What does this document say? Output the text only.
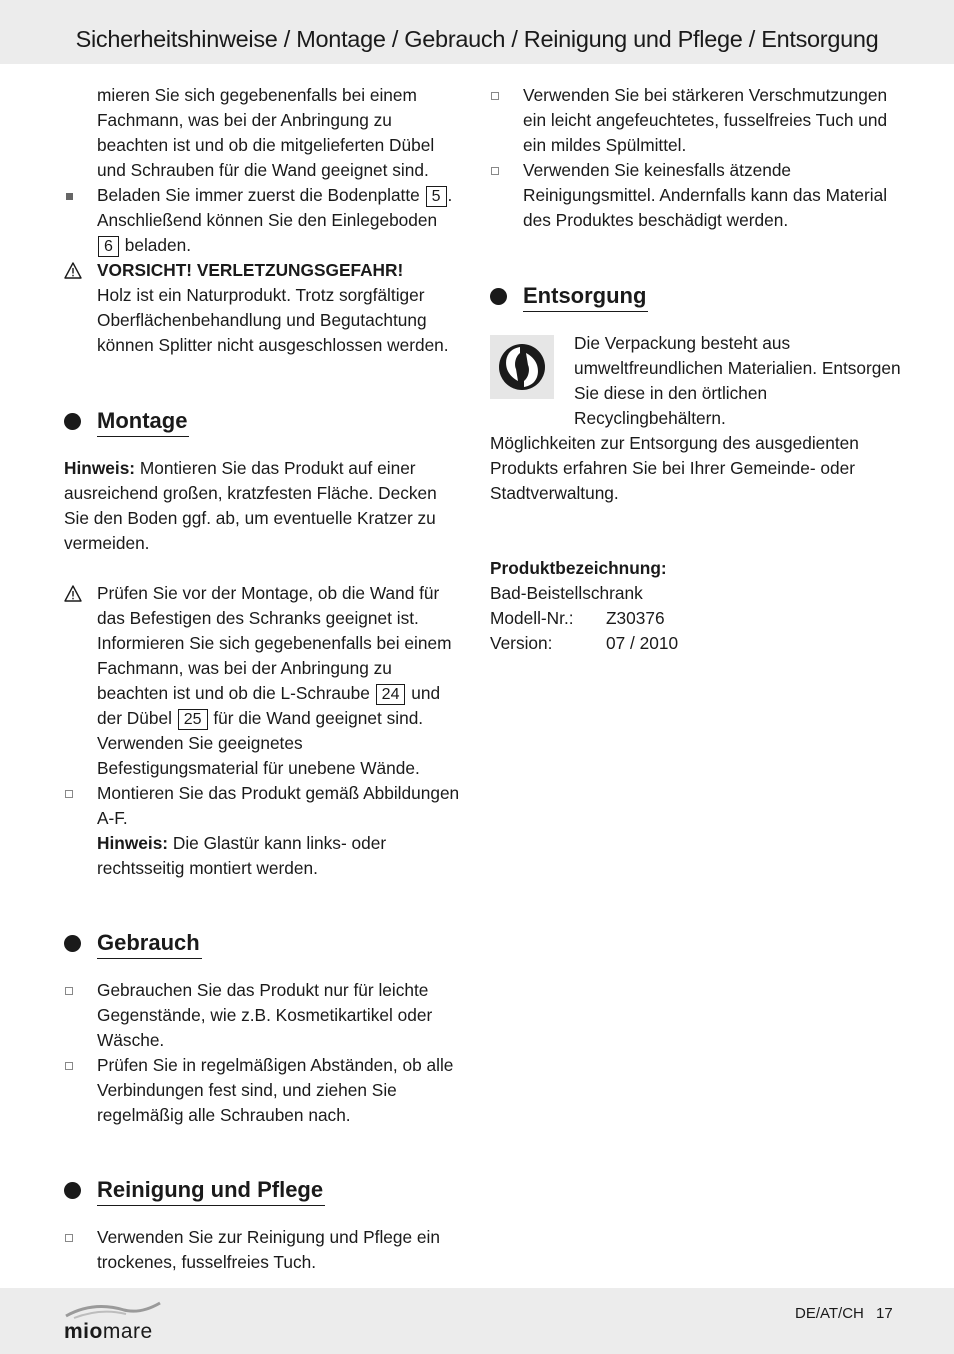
Sicherheitshinweise / Montage / Gebrauch / Reinigung und Pflege / Entsorgung

mieren Sie sich gegebenenfalls bei einem Fachmann, was bei der Anbringung zu beachten ist und ob die mitgelieferten Dübel und Schrauben für die Wand geeignet sind.

Beladen Sie immer zuerst die Bodenplatte 5 . Anschließend können Sie den Einlegeboden 6 beladen.
VORSICHT! VERLETZUNGSGEFAHR!
Holz ist ein Naturprodukt. Trotz sorgfältiger Oberflächenbehandlung und Begutachtung können Splitter nicht ausgeschlossen werden.
Montage

Hinweis: Montieren Sie das Produkt auf einer ausreichend großen, kratzfesten Fläche. Decken Sie den Boden ggf. ab, um eventuelle Kratzer zu vermeiden.

Prüfen Sie vor der Montage, ob die Wand für das Befestigen des Schranks geeignet ist. Informieren Sie sich gegebenenfalls bei einem Fachmann, was bei der Anbringung zu beachten ist und ob die L-Schraube 24 und der Dübel 25 für die Wand geeignet sind. Verwenden Sie geeignetes Befestigungsmaterial für unebene Wände.
Montieren Sie das Produkt gemäß Abbildungen A-F.
Hinweis: Die Glastür kann links- oder rechtsseitig montiert werden.
Gebrauch
Gebrauchen Sie das Produkt nur für leichte Gegenstände, wie z.B. Kosmetikartikel oder Wäsche.
Prüfen Sie in regelmäßigen Abständen, ob alle Verbindungen fest sind, und ziehen Sie regelmäßig alle Schrauben nach.
Reinigung und Pflege
Verwenden Sie zur Reinigung und Pflege ein trockenes, fusselfreies Tuch.
Verwenden Sie bei stärkeren Verschmutzungen ein leicht angefeuchtetes, fusselfreies Tuch und ein mildes Spülmittel.
Verwenden Sie keinesfalls ätzende Reinigungsmittel. Andernfalls kann das Material des Produktes beschädigt werden.
Entsorgung

Die Verpackung besteht aus umweltfreundlichen Materialien. Entsorgen Sie diese in den örtlichen Recyclingbehältern.

Möglichkeiten zur Entsorgung des ausgedienten Produkts erfahren Sie bei Ihrer Gemeinde- oder Stadtverwaltung.

Produktbezeichnung:

Bad-Beistellschrank

Modell-Nr.:	Z30376

Version:	07 / 2010

miomare
DE/AT/CH 17
